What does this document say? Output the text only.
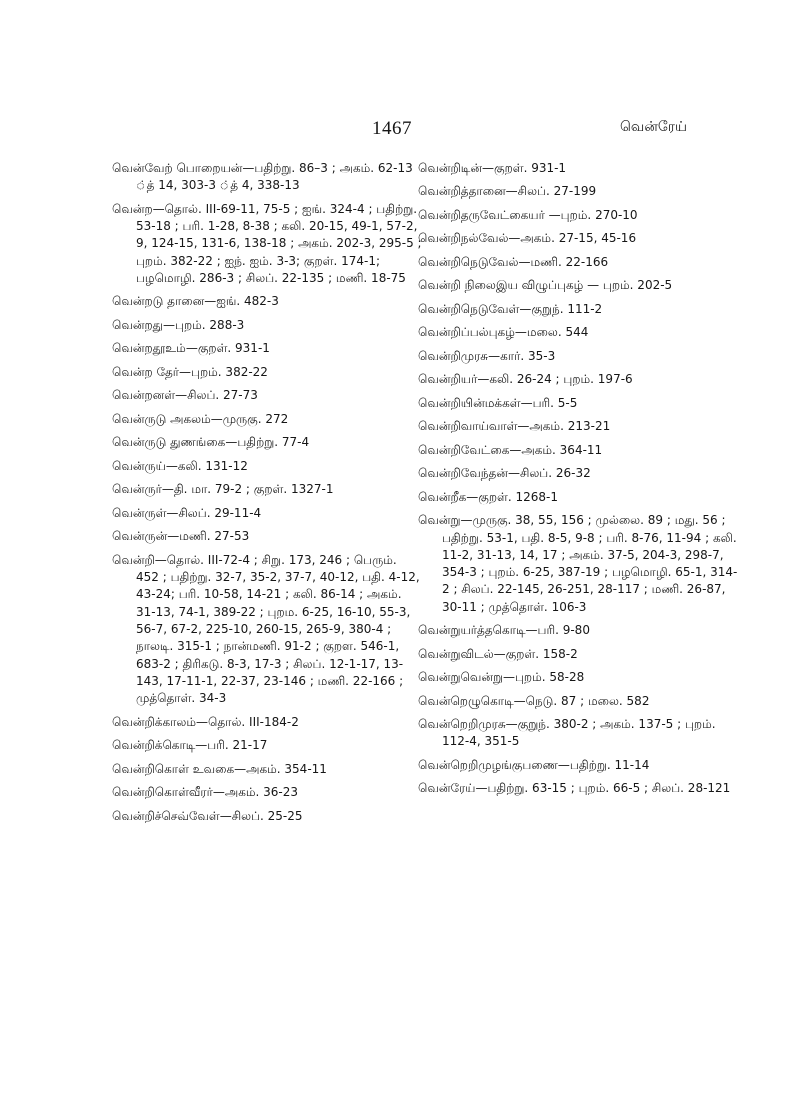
1467	வென்ரேய்
வென்வேற் பொறையன்—பதிற்று. 86–3 ; அகம். 62-13 ்த் 14, 303-3 ்த் 4, 338-13
வென்ற—தொல். III-69-11, 75-5 ; ஐங். 324-4 ; பதிற்று. 53-18 ; பரி. 1-28, 8-38 ; கலி. 20-15, 49-1, 57-2, 9, 124-15, 131-6, 138-18 ; அகம். 202-3, 295-5 ; புறம். 382-22 ; ஐந். ஐம். 3-3; குறள். 174-1; பழமொழி. 286-3 ; சிலப். 22-135 ; மணி. 18-75
வென்றடு தானை—ஐங். 482-3
வென்றது—புறம். 288-3
வென்றதூஉம்—குறள். 931-1
வென்ற தேர்—புறம். 382-22
வென்றனள்—சிலப். 27-73
வென்ருடு அகலம்—முருகு. 272
வென்ருடு துணங்கை—பதிற்று. 77-4
வென்ருய்—கலி. 131-12
வென்ருர்—தி. மா. 79-2 ; குறள். 1327-1
வென்ருள்—சிலப். 29-11-4
வென்ருன்—மணி. 27-53
வென்றி—தொல். III-72-4 ; சிறு. 173, 246 ; பெரும். 452 ; பதிற்று. 32-7, 35-2, 37-7, 40-12, பதி. 4-12, 43-24; பரி. 10-58, 14-21 ; கலி. 86-14 ; அகம். 31-13, 74-1, 389-22 ; புறம. 6-25, 16-10, 55-3, 56-7, 67-2, 225-10, 260-15, 265-9, 380-4 ; நாலடி. 315-1 ; நான்மணி. 91-2 ; குறள. 546-1, 683-2 ; திரிகடு. 8-3, 17-3 ; சிலப். 12-1-17, 13-143, 17-11-1, 22-37, 23-146 ; மணி. 22-166 ; முத்தொள். 34-3
வென்றிக்காலம்—தொல். III-184-2
வென்றிக்கொடி—பரி. 21-17
வென்றிகொள் உவகை—அகம். 354-11
வென்றிகொள்வீரர்—அகம். 36-23
வென்றிச்செவ்வேள்—சிலப். 25-25
வென்றிடின்—குறள். 931-1
வென்றித்தானை—சிலப். 27-199
வென்றிதருவேட்கையர் —புறம். 270-10
வென்றிநல்வேல்—அகம். 27-15, 45-16
வென்றிநெடுவேல்—மணி. 22-166
வென்றி நிலைஇய விழுப்புகழ் — புறம். 202-5
வென்றிநெடுவேள்—குறுந். 111-2
வென்றிப்பல்புகழ்—மலை. 544
வென்றிமுரசு—கார். 35-3
வென்றியர்—கலி. 26-24 ; புறம். 197-6
வென்றியின்மக்கள்—பரி. 5-5
வென்றிவாய்வாள்—அகம். 213-21
வென்றிவேட்கை—அகம். 364-11
வென்றிவேந்தன்—சிலப். 26-32
வென்றீக—குறள். 1268-1
வென்று—முருகு. 38, 55, 156 ; முல்லை. 89 ; மது. 56 ; பதிற்று. 53-1, பதி. 8-5, 9-8 ; பரி. 8-76, 11-94 ; கலி. 11-2, 31-13, 14, 17 ; அகம். 37-5, 204-3, 298-7, 354-3 ; புறம். 6-25, 387-19 ; பழமொழி. 65-1, 314-2 ; சிலப். 22-145, 26-251, 28-117 ; மணி. 26-87, 30-11 ; முத்தொள். 106-3
வென்றுயர்த்தகொடி—பரி. 9-80
வென்றுவிடல்—குறள். 158-2
வென்றுவென்று—புறம். 58-28
வென்றெழுகொடி—நெடு. 87 ; மலை. 582
வென்றெறிமுரசு—குறுந். 380-2 ; அகம். 137-5 ; புறம். 112-4, 351-5
வென்றெறிமுழங்குபணை—பதிற்று. 11-14
வென்ரேய்—பதிற்று. 63-15 ; புறம். 66-5 ; சிலப். 28-121
